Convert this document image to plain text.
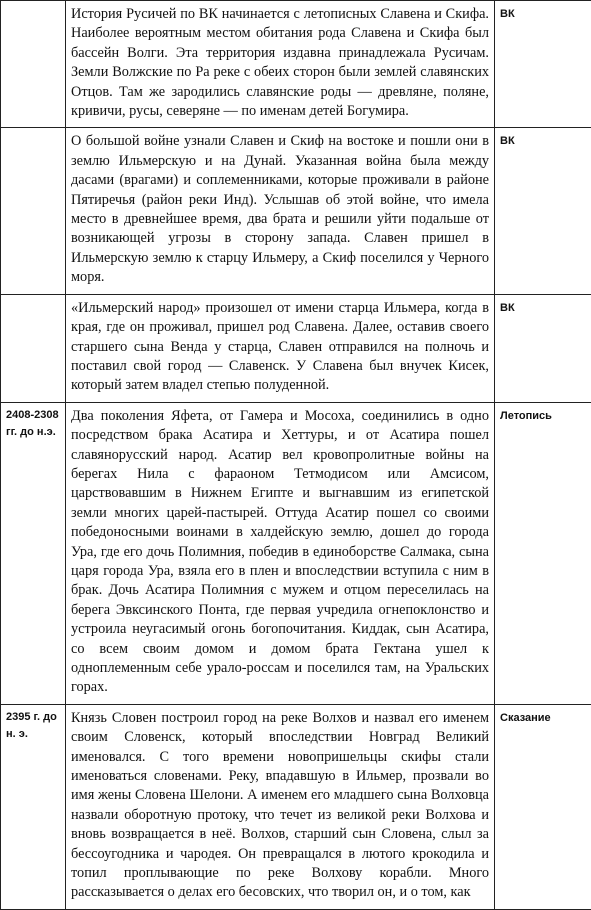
	История Русичей по ВК начинается с летописных Славена и Скифа. Наиболее вероятным местом обитания рода Славена и Скифа был бассейн Волги. Эта территория издавна принадлежала Русичам. Земли Волжские по Ра реке с обеих сторон были землей славянских Отцов. Там же зародились славянские роды — древляне, поляне, кривичи, русы, северяне — по именам детей Богумира.	ВК

	О большой войне узнали Славен и Скиф на востоке и пошли они в землю Ильмерскую и на Дунай. Указанная война была между дасами (врагами) и соплеменниками, которые проживали в районе Пятиречья (район реки Инд). Услышав об этой войне, что имела место в древнейшее время, два брата и решили уйти подальше от возникающей угрозы в сторону запада. Славен пришел в Ильмерскую землю к старцу Ильмеру, а Скиф поселился у Черного моря.	ВК

	«Ильмерский народ» произошел от имени старца Ильмера, когда в края, где он проживал, пришел род Славена. Далее, оставив своего старшего сына Венда у старца, Славен отправился на полночь и поставил свой город — Славенск. У Славена был внучек Кисек, который затем владел степью полуденной.	ВК

2408-2308 гг. до н.э.	Два поколения Яфета, от Гамера и Мосоха, соединились в одно посредством брака Асатира и Хеттуры, и от Асатира пошел славянорусский народ. Асатир вел кровопролитные войны на берегах Нила с фараоном Тетмодисом или Амсисом, царствовавшим в Нижнем Египте и выгнавшим из египетской земли многих царей-пастырей. Оттуда Асатир пошел со своими победоносными воинами в халдейскую землю, дошел до города Ура, где его дочь Полимния, победив в единоборстве Салмака, сына царя города Ура, взяла его в плен и впоследствии вступила с ним в брак. Дочь Асатира Полимния с мужем и отцом переселилась на берега Эвксинского Понта, где первая учредила огнепоклонство и устроила неугасимый огонь богопочитания. Киддак, сын Асатира, со всем своим домом и домом брата Гектана ушел к одноплеменным себе урало-россам и поселился там, на Уральских горах.	Летопись

2395 г. до н. э.	Князь Словен построил город на реке Волхов и назвал его именем своим Словенск, который впоследствии Новград Великий именовался. С того времени новопришельцы скифы стали именоваться словенами. Реку, впадавшую в Ильмер, прозвали во имя жены Словена Шелони. А именем его младшего сына Волховца назвали оборотную протоку, что течет из великой реки Волхова и вновь возвращается в неё. Волхов, старший сын Словена, слыл за бессоугодника и чародея. Он превращался в лютого крокодила и топил проплывающие по реке Волхову корабли. Много рассказывается о делах его бесовских, что творил он, и о том, как	Сказание
